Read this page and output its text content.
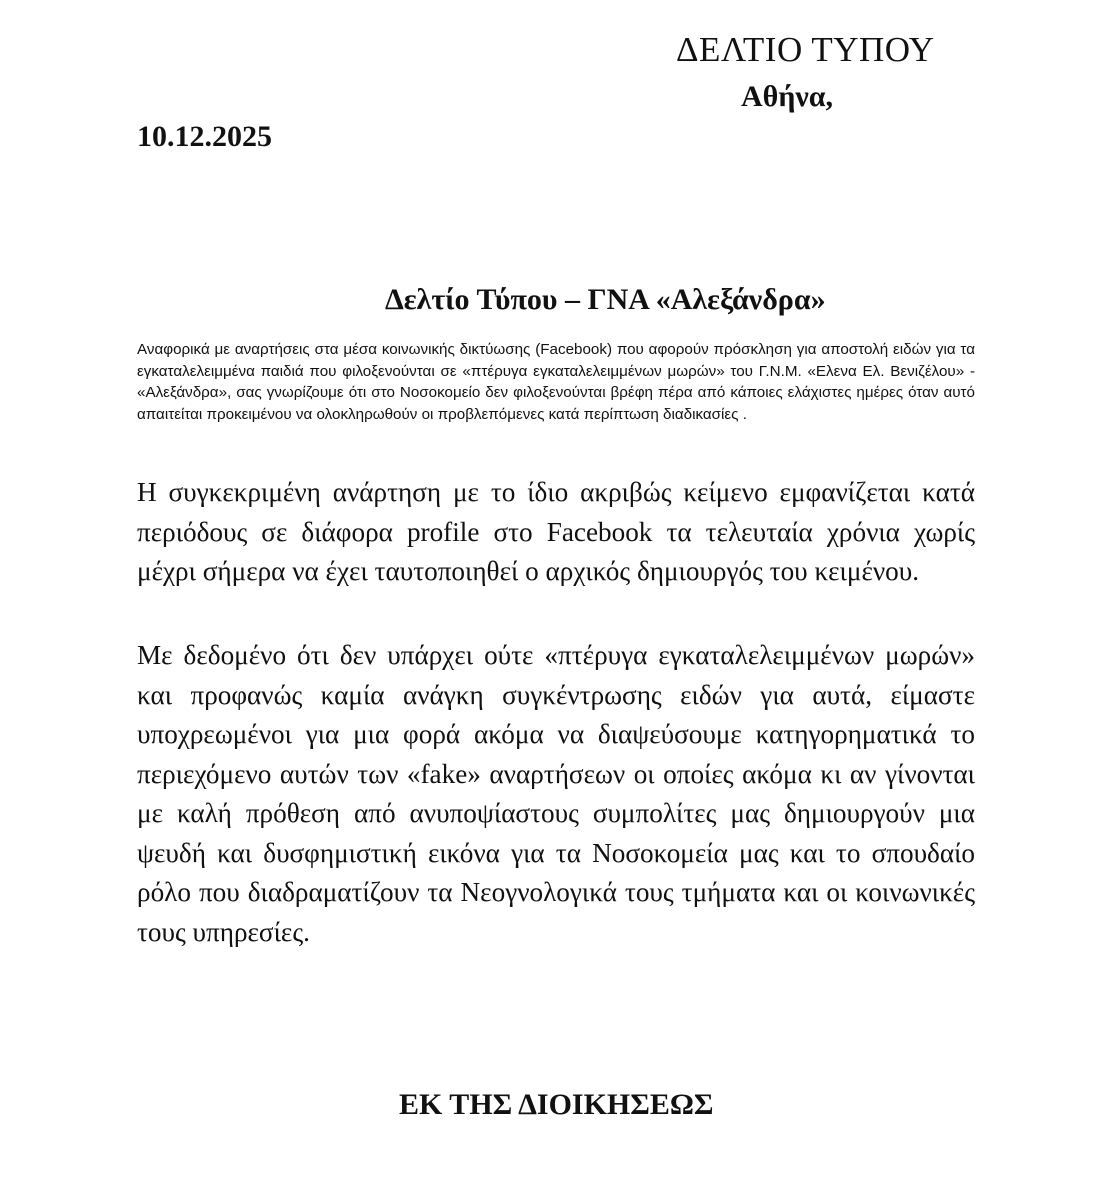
ΔΕΛΤΙΟ ΤΥΠΟΥ
Αθήνα,
10.12.2025
Δελτίο Τύπου – ΓΝΑ «Αλεξάνδρα»

Αναφορικά με αναρτήσεις στα μέσα κοινωνικής δικτύωσης (Facebook) που αφορούν πρόσκληση για αποστολή ειδών για τα εγκαταλελειμμένα παιδιά που φιλοξενούνται σε «πτέρυγα εγκαταλελειμμένων μωρών» του Γ.Ν.Μ. «Ελενα Ελ. Βενιζέλου» - «Αλεξάνδρα», σας γνωρίζουμε ότι στο Νοσοκομείο δεν φιλοξενούνται βρέφη πέρα από κάποιες ελάχιστες ημέρες όταν αυτό απαιτείται προκειμένου να ολοκληρωθούν οι προβλεπόμενες κατά περίπτωση διαδικασίες .

Η συγκεκριμένη ανάρτηση με το ίδιο ακριβώς κείμενο εμφανίζεται κατά περιόδους σε διάφορα profile στο Facebook τα τελευταία χρόνια χωρίς μέχρι σήμερα να έχει ταυτοποιηθεί ο αρχικός δημιουργός του κειμένου.

Με δεδομένο ότι δεν υπάρχει ούτε «πτέρυγα εγκαταλελειμμένων μωρών» και προφανώς καμία ανάγκη συγκέντρωσης ειδών για αυτά, είμαστε υποχρεωμένοι για μια φορά ακόμα να διαψεύσουμε κατηγορηματικά το περιεχόμενο αυτών των «fake» αναρτήσεων οι οποίες ακόμα κι αν γίνονται με καλή πρόθεση από ανυποψίαστους συμπολίτες μας δημιουργούν μια ψευδή και δυσφημιστική εικόνα για τα Νοσοκομεία μας και το σπουδαίο ρόλο που διαδραματίζουν τα Νεογνολογικά τους τμήματα και οι κοινωνικές τους υπηρεσίες.

ΕΚ ΤΗΣ ΔΙΟΙΚΗΣΕΩΣ
